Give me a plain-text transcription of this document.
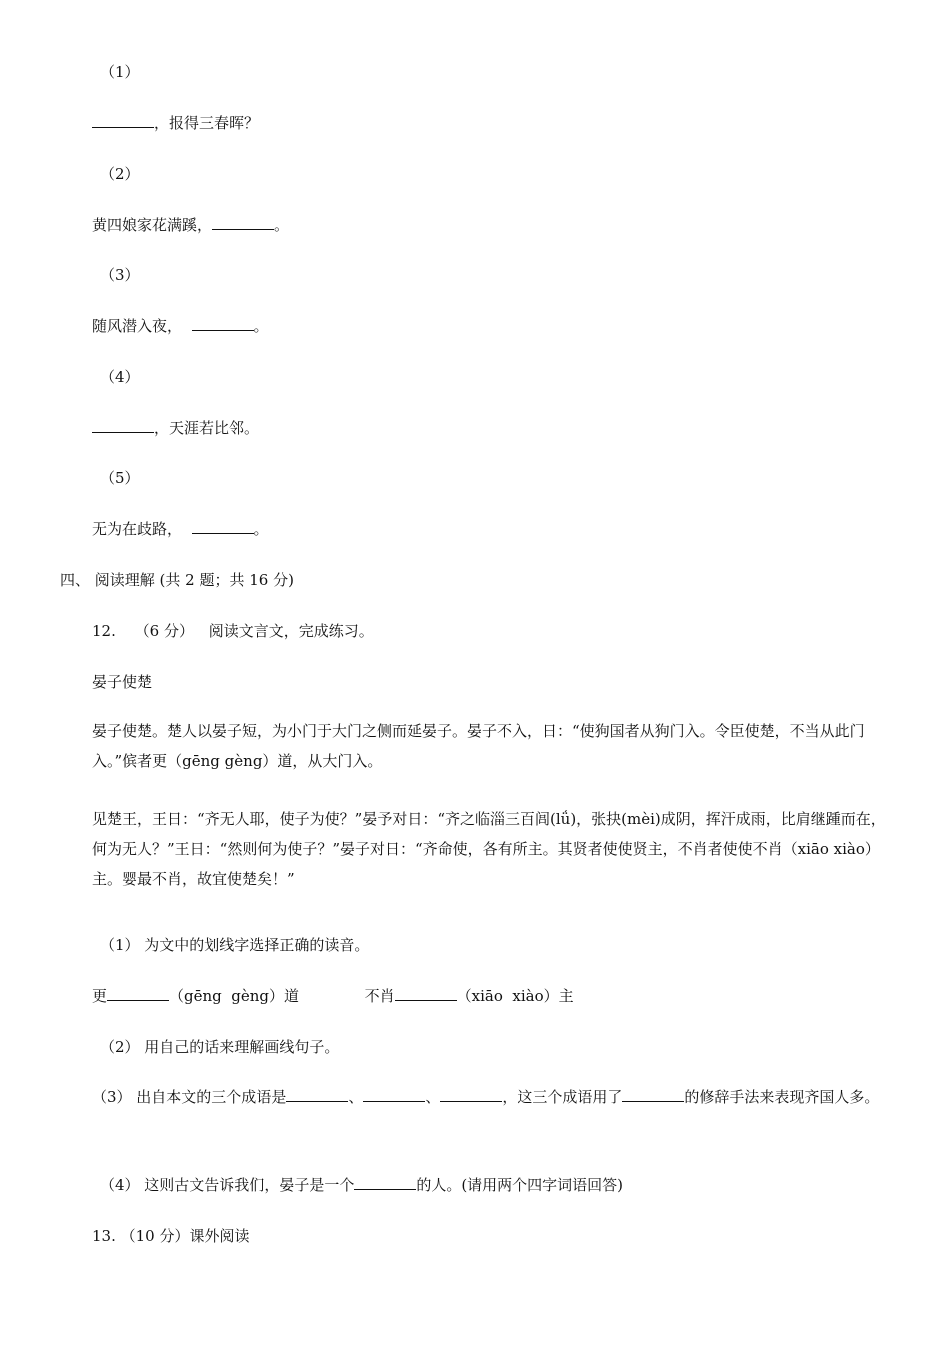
（1）
，报得三春晖？
（2）
黄四娘家花满蹊，	。
（3）
随风潜入夜，	。
（4）
，天涯若比邻。
（5）
无为在歧路，	。
四、 阅读理解 (共 2 题；共 16 分)
12. （6 分） 阅读文言文，完成练习。
晏子使楚
晏子使楚。楚人以晏子短，为小门于大门之侧而延晏子。晏子不入，日：“使狗国者从狗门入。令臣使楚，不当从此门入。”傧者更（gēng gèng）道，从大门入。
见楚王，王日：“齐无人耶，使子为使？”晏予对日：“齐之临淄三百闾(lǘ)，张抉(mèi)成阴，挥汗成雨，比肩继踵而在，何为无人？”王日：“然则何为使子？”晏子对日：“齐命使，各有所主。其贤者使使贤主，不肖者使使不肖（xiāo xiào）主。婴最不肖，故宜使楚矣！”
（1） 为文中的划线字选择正确的读音。
更	（gēng  gèng）道	不肖	（xiāo  xiào）主
（2） 用自己的话来理解画线句子。
（3） 出自本文的三个成语是	、	、	，这三个成语用了	的修辞手法来表现齐国人多。
（4） 这则古文告诉我们，晏子是一个	的人。(请用两个四字词语回答)
13. （10 分）课外阅读
